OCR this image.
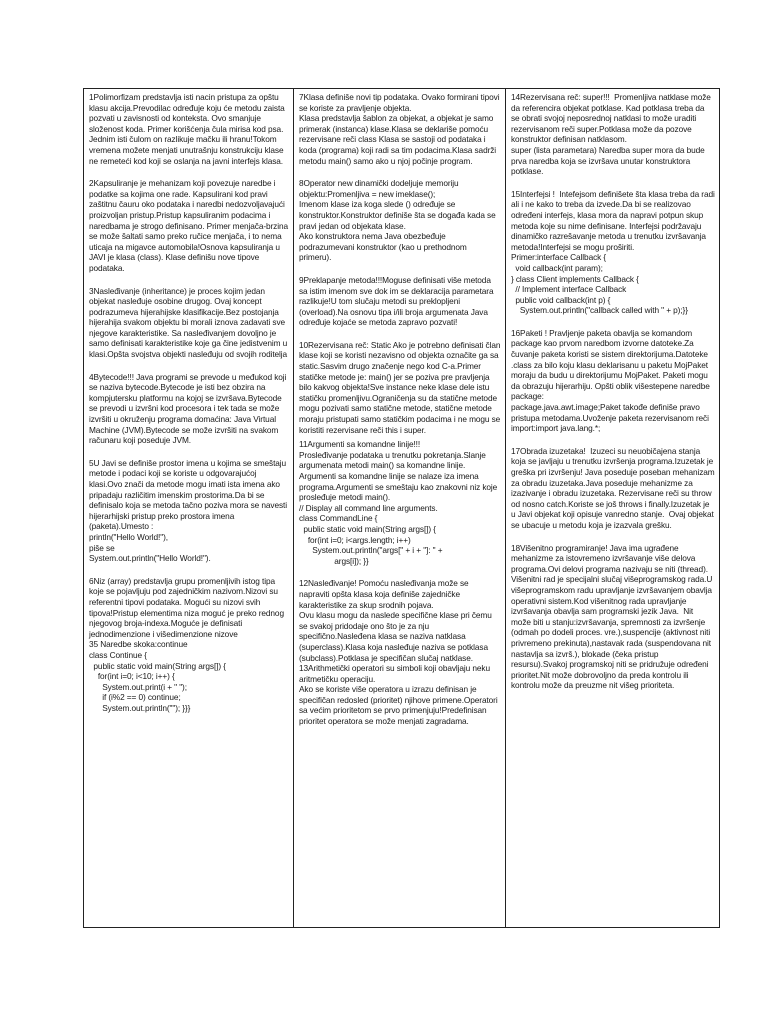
1Polimorfizam predstavlja isti nacin pristupa za opštu klasu akcija.Prevodilac određuje koju će metodu zaista pozvati u zavisnosti od konteksta. Ovo smanjuje složenost koda. Primer korišćenja čula mirisa kod psa. Jednim isti čulom on razlikuje mačku ili hranu!Tokom vremena možete menjati unutrašnju konstrukciju klase ne remeteći kod koji se oslanja na javni interfejs klasa.
2Kapsuliranje je mehanizam koji povezuje naredbe i podatke sa kojima one rade. Kapsulirani kod pravi zaštitnu čauru oko podataka i naredbi nedozvoljavajući proizvoljan pristup.Pristup kapsuliranim podacima i naredbama je strogo definisano. Primer menjača-brzina se može šaltati samo preko ručice menjača, i to nema uticaja na migavce automobila!Osnova kapsuliranja u JAVI je klasa (class). Klase definišu nove tipove podataka.
3Nasleđivanje (inheritance) je proces kojim jedan objekat nasleđuje osobine drugog. Ovaj koncept podrazumeva hijerahijske klasifikacije.Bez postojanja hijerahija svakom objektu bi morali iznova zadavati sve njegove karakteristike. Sa nasleđivanjem dovoljno je samo definisati karakteristike koje ga čine jedistvenim u klasi.Opšta svojstva objekti nasleđuju od svojih roditelja
4Bytecode!!! Java programi se prevode u međukod koji se naziva bytecode.Bytecode je isti bez obzira na kompjutersku platformu na kojoj se izvršava.Bytecode se prevodi u izvršni kod procesora i tek tada se može izvršiti u okruženju programa domaćina: Java Virtual Machine (JVM).Bytecode se može izvršiti na svakom računaru koji poseduje JVM.
5U Javi se definiše prostor imena u kojima se smeštaju metode i podaci koji se koriste u odgovarajućoj klasi.Ovo znači da metode mogu imati ista imena ako pripadaju različitim imenskim prostorima.Da bi se definisalo koja se metoda tačno poziva mora se navesti hijerarhijski pristup preko prostora imena (paketa).Umesto :
println("Hello World!"),
piše se
System.out.println("Hello World!").
6Niz (array) predstavlja grupu promenljivih istog tipa koje se pojavljuju pod zajedničkim nazivom.Nizovi su referentni tipovi podataka. Mogući su nizovi svih tipova!Pristup elementima niza moguć je preko rednog njegovog broja-indexa.Moguće je definisati jednodimenzione i višedimenzione nizove
35 Naredbe skoka:continue
class Continue {
public static void main(String args[]) {
for(int i=0; i<10; i++) {
System.out.print(i + " ");
if (i%2 == 0) continue;
System.out.println(""); }}}
7Klasa definiše novi tip podataka. Ovako formirani tipovi se koriste za pravljenje objekta.
Klasa predstavlja šablon za objekat, a objekat je samo primerak (instanca) klase.Klasa se deklariše pomoću rezervisane reči class Klasa se sastoji od podataka i koda (programa) koji radi sa tim podacima.Klasa sadrži metodu main() samo ako u njoj počinje program.
8Operator new dinamički dodeljuje memoriju objektu:Promenljiva = new imeklase();
Imenom klase iza koga slede () određuje se konstruktor.Konstruktor definiše šta se događa kada se pravi jedan od objekata klase.
Ako konstruktora nema Java obezbeđuje podrazumevani konstruktor (kao u prethodnom primeru).
9Preklapanje metoda!!!Moguse definisati više metoda sa istim imenom sve dok im se deklaracija parametara razlikuje!U tom slučaju metodi su preklopljeni (overload).Na osnovu tipa i/ili broja argumenata Java određuje kojaće se metoda zapravo pozvati!
10Rezervisana reč: Static Ako je potrebno definisati član klase koji se koristi nezavisno od objekta označite ga sa static.Sasvim drugo značenje nego kod C-a.Primer statičke metode je: main() jer se poziva pre pravljenja bilo kakvog objekta!Sve instance neke klase dele istu statičku promenljivu.Ograničenja su da statične metode mogu pozivati samo statične metode, statične metode moraju pristupati samo statičkim podacima i ne mogu se koristiti rezervisane reči this i super.
11Argumenti sa komandne linije!!!
Prosleđivanje podataka u trenutku pokretanja.Slanje argumenata metodi main() sa komandne linije.
Argumenti sa komandne linije se nalaze iza imena programa.Argumenti se smeštaju kao znakovni niz koje prosleđuje metodi main().
// Display all command line arguments.
class CommandLine {
public static void main(String args[]) {
for(int i=0; i<args.length; i++)
System.out.println("args[" + i + "]: " +
args[i]); }}
12Nasleđivanje! Pomoću nasleđivanja može se napraviti opšta klasa koja definiše zajedničke karakteristike za skup srodnih pojava.
Ovu klasu mogu da naslede specifične klase pri čemu se svakoj pridodaje ono što je za nju specifično.Nasleđena klasa se naziva natklasa (superclass).Klasa koja nasleđuje naziva se potklasa (subclass).Potklasa je specifičan slučaj natklase.
13Arithmetički operatori su simboli koji obavljaju neku aritmetičku operaciju.
Ako se koriste više operatora u izrazu definisan je specifičan redosled (prioritet) njihove primene.Operatori sa većim prioritetom se prvo primenjuju!Predefinisan prioritet operatora se može menjati zagradama.
14Rezervisana reč: super!!!  Promenljiva natklase može da referencira objekat potklase. Kad potklasa treba da se obrati svojoj neposrednoj natklasi to može uraditi rezervisanom reči super.Potklasa može da pozove konstruktor definisan natklasom.
super (lista parametara) Naredba super mora da bude prva naredba koja se izvršava unutar konstruktora potklase.
15Interfejsi !  Intefejsom definišete šta klasa treba da radi ali i ne kako to treba da izvede.Da bi se realizovao određeni interfejs, klasa mora da napravi potpun skup metoda koje su nime definisane. Interfejsi podržavaju dinamičko razrešavanje metoda u trenutku izvršavanja metoda!Interfejsi se mogu proširiti.
Primer:interface Callback {
void callback(int param);
} class Client implements Callback {
// Implement interface Callback
public void callback(int p) {
System.out.println("callback called with " + p);}}
16Paketi ! Pravljenje paketa obavlja se komandom package kao prvom naredbom izvorne datoteke.Za čuvanje paketa koristi se sistem direktorijuma.Datoteke .class za bilo koju klasu deklarisanu u paketu MojPaket moraju da budu u direktorijumu MojPaket. Paketi mogu da obrazuju hijerarhiju. Opšti oblik višestepene naredbe package:
package.java.awt.image;Paket takođe definiše pravo pristupa metodama.Uvoženje paketa rezervisanom reči import:import java.lang.*;
17Obrada izuzetaka!  Izuzeci su neuobičajena stanja koja se javljaju u trenutku izvršenja programa.Izuzetak je greška pri izvršenju! Java poseduje poseban mehanizam za obradu izuzetaka.Java poseduje mehanizme za izazivanje i obradu izuzetaka. Rezervisane reči su throw od nosno catch.Koriste se još throws i finally.Izuzetak je u Javi objekat koji opisuje vanredno stanje.  Ovaj objekat se ubacuje u metodu koja je izazvala grešku.
18Višenitno programiranje! Java ima ugrađene mehanizme za istovremeno izvršavanje više delova programa.Ovi delovi programa nazivaju se niti (thread). Višenitni rad je specijalni slučaj višeprogramskog rada.U višeprogramskom radu upravljanje izvršavanjem obavlja operativni sistem.Kod višenitnog rada upravljanje izvršavanja obavlja sam programski jezik Java.  Nit može biti u stanju:izvršavanja, spremnosti za izvršenje (odmah po dodeli proces. vre.),suspencije (aktivnost niti privremeno prekinuta),nastavak rada (suspendovana nit nastavlja sa izvrš.), blokade (čeka pristup resursu).Svakoj programskoj niti se pridružuje određeni prioritet.Nit može dobrovoljno da preda kontrolu ili kontrolu može da preuzme nit višeg prioriteta.
